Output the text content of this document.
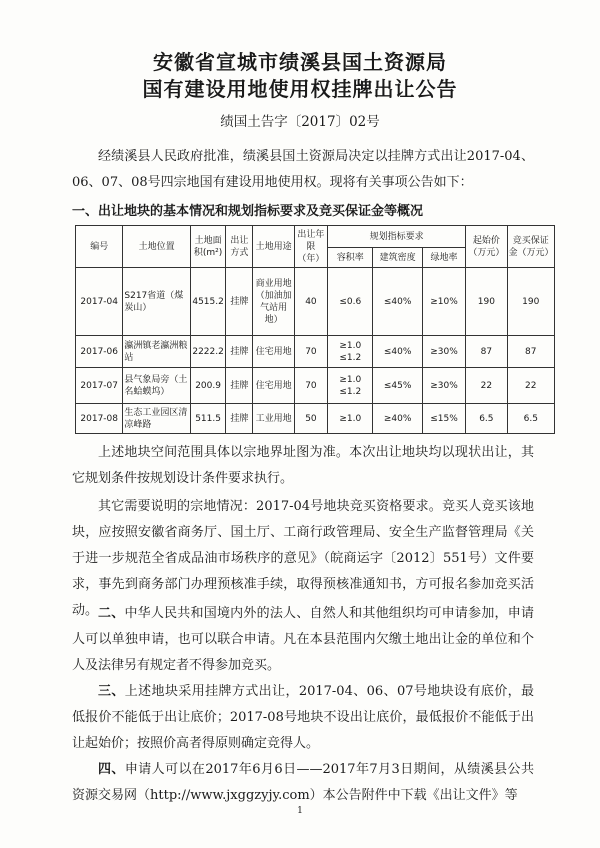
安徽省宣城市绩溪县国土资源局
国有建设用地使用权挂牌出让公告
绩国土告字〔2017〕02号

经绩溪县人民政府批准，绩溪县国土资源局决定以挂牌方式出让2017-04、06、07、08号四宗地国有建设用地使用权。现将有关事项公告如下：

一、出让地块的基本情况和规划指标要求及竞买保证金等概况

编号	土地位置	土地面积(m²)	出让方式	土地用途	出让年限（年）	规划指标要求			起始价（万元）	竞买保证金（万元）
						容积率	建筑密度	绿地率		
2017-04	S217省道（煤炭山）	4515.2	挂牌	商业用地（加油加气站用地）	40	≤0.6	≤40%	≥10%	190	190
2017-06	瀛洲镇老瀛洲粮站	2222.2	挂牌	住宅用地	70	≥1.0 ≤1.2	≤40%	≥30%	87	87
2017-07	县气象局旁（土名蛤蟆坞）	200.9	挂牌	住宅用地	70	≥1.0 ≤1.2	≤45%	≥30%	22	22
2017-08	生态工业园区清凉峰路	511.5	挂牌	工业用地	50	≥1.0	≥40%	≤15%	6.5	6.5

上述地块空间范围具体以宗地界址图为准。本次出让地块均以现状出让，其它规划条件按规划设计条件要求执行。

其它需要说明的宗地情况：2017-04号地块竞买资格要求。竞买人竞买该地块，应按照安徽省商务厅、国土厅、工商行政管理局、安全生产监督管理局《关于进一步规范全省成品油市场秩序的意见》（皖商运字〔2012〕551号）文件要求，事先到商务部门办理预核准手续，取得预核准通知书，方可报名参加竞买活动。 二、中华人民共和国境内外的法人、自然人和其他组织均可申请参加，申请人可以单独申请，也可以联合申请。凡在本县范围内欠缴土地出让金的单位和个人及法律另有规定者不得参加竞买。

三、上述地块采用挂牌方式出让，2017-04、06、07号地块设有底价，最低报价不能低于出让底价；2017-08号地块不设出让底价，最低报价不能低于出让起始价；按照价高者得原则确定竞得人。

四、申请人可以在2017年6月6日——2017年7月3日期间，从绩溪县公共资源交易网（http://www.jxggzyjy.com）本公告附件中下载《出让文件》等

1
